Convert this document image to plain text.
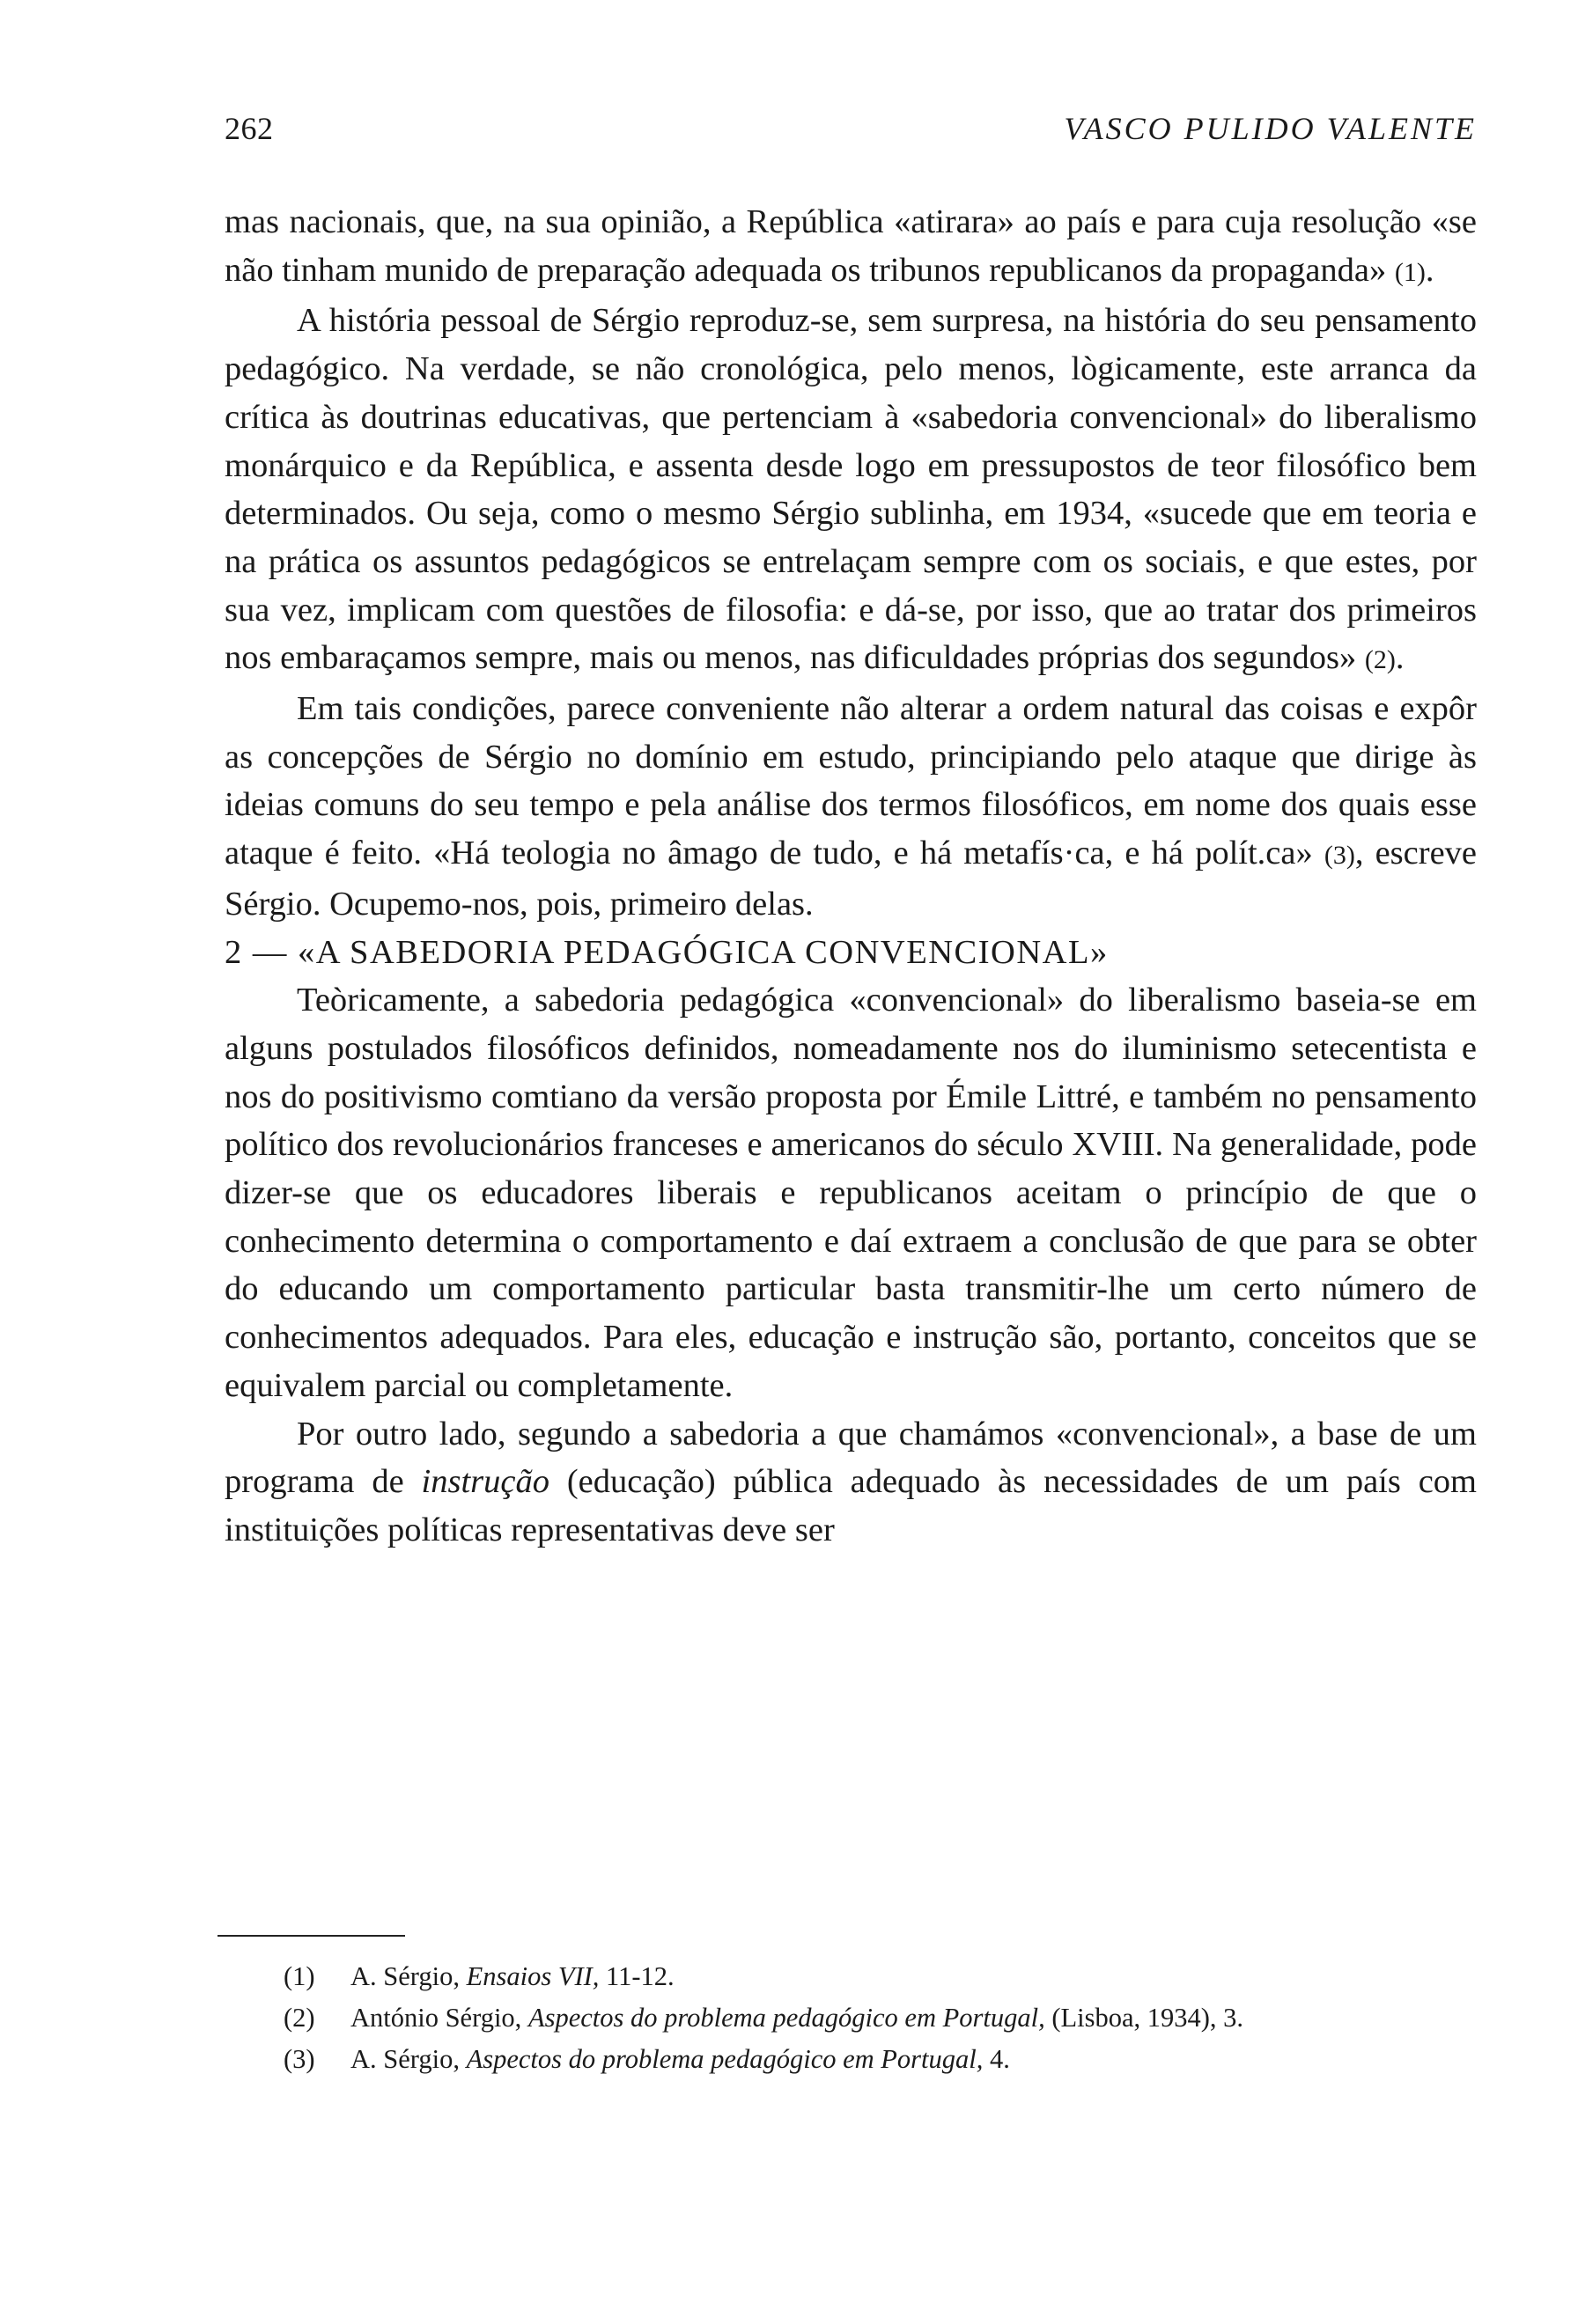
262	VASCO PULIDO VALENTE

mas nacionais, que, na sua opinião, a República «atirara» ao país e para cuja resolução «se não tinham munido de preparação adequada os tribunos republicanos da propaganda» (1).

A história pessoal de Sérgio reproduz-se, sem surpresa, na história do seu pensamento pedagógico. Na verdade, se não cronológica, pelo menos, lògicamente, este arranca da crítica às doutrinas educativas, que pertenciam à «sabedoria convencional» do liberalismo monárquico e da República, e assenta desde logo em pressupostos de teor filosófico bem determinados. Ou seja, como o mesmo Sérgio sublinha, em 1934, «sucede que em teoria e na prática os assuntos pedagógicos se entrelaçam sempre com os sociais, e que estes, por sua vez, implicam com questões de filosofia: e dá-se, por isso, que ao tratar dos primeiros nos embaraçamos sempre, mais ou menos, nas dificuldades próprias dos segundos» (2).

Em tais condições, parece conveniente não alterar a ordem natural das coisas e expôr as concepções de Sérgio no domínio em estudo, principiando pelo ataque que dirige às ideias comuns do seu tempo e pela análise dos termos filosóficos, em nome dos quais esse ataque é feito. «Há teologia no âmago de tudo, e há metafís·ca, e há polít.ca» (3), escreve Sérgio. Ocupemo-nos, pois, primeiro delas.

2 — «A SABEDORIA PEDAGÓGICA CONVENCIONAL»

Teòricamente, a sabedoria pedagógica «convencional» do liberalismo baseia-se em alguns postulados filosóficos definidos, nomeadamente nos do iluminismo setecentista e nos do positivismo comtiano da versão proposta por Émile Littré, e também no pensamento político dos revolucionários franceses e americanos do século XVIII. Na generalidade, pode dizer-se que os educadores liberais e republicanos aceitam o princípio de que o conhecimento determina o comportamento e daí extraem a conclusão de que para se obter do educando um comportamento particular basta transmitir-lhe um certo número de conhecimentos adequados. Para eles, educação e instrução são, portanto, conceitos que se equivalem parcial ou completamente.

Por outro lado, segundo a sabedoria a que chamámos «convencional», a base de um programa de instrução (educação) pública adequado às necessidades de um país com instituições políticas representativas deve ser

(1) A. Sérgio, Ensaios VII, 11-12.

(2) António Sérgio, Aspectos do problema pedagógico em Portugal, (Lisboa, 1934), 3.

(3) A. Sérgio, Aspectos do problema pedagógico em Portugal, 4.
